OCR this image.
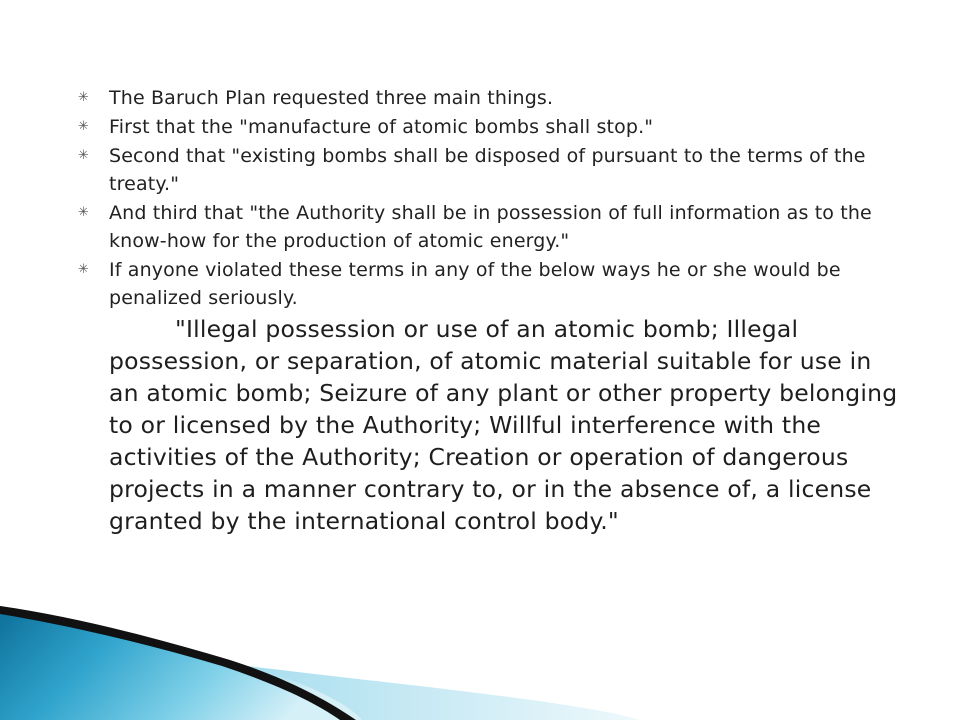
✳ The Baruch Plan requested three main things.
✳ First that the "manufacture of atomic bombs shall stop."
✳ Second that "existing bombs shall be disposed of pursuant to the terms of the treaty."
✳ And third that "the Authority shall be in possession of full information as to the know-how for the production of atomic energy."
✳ If anyone violated these terms in any of the below ways he or she would be penalized seriously.

"Illegal possession or use of an atomic bomb; Illegal possession, or separation, of atomic material suitable for use in an atomic bomb; Seizure of any plant or other property belonging to or licensed by the Authority; Willful interference with the activities of the Authority; Creation or operation of dangerous projects in a manner contrary to, or in the absence of, a license granted by the international control body."
